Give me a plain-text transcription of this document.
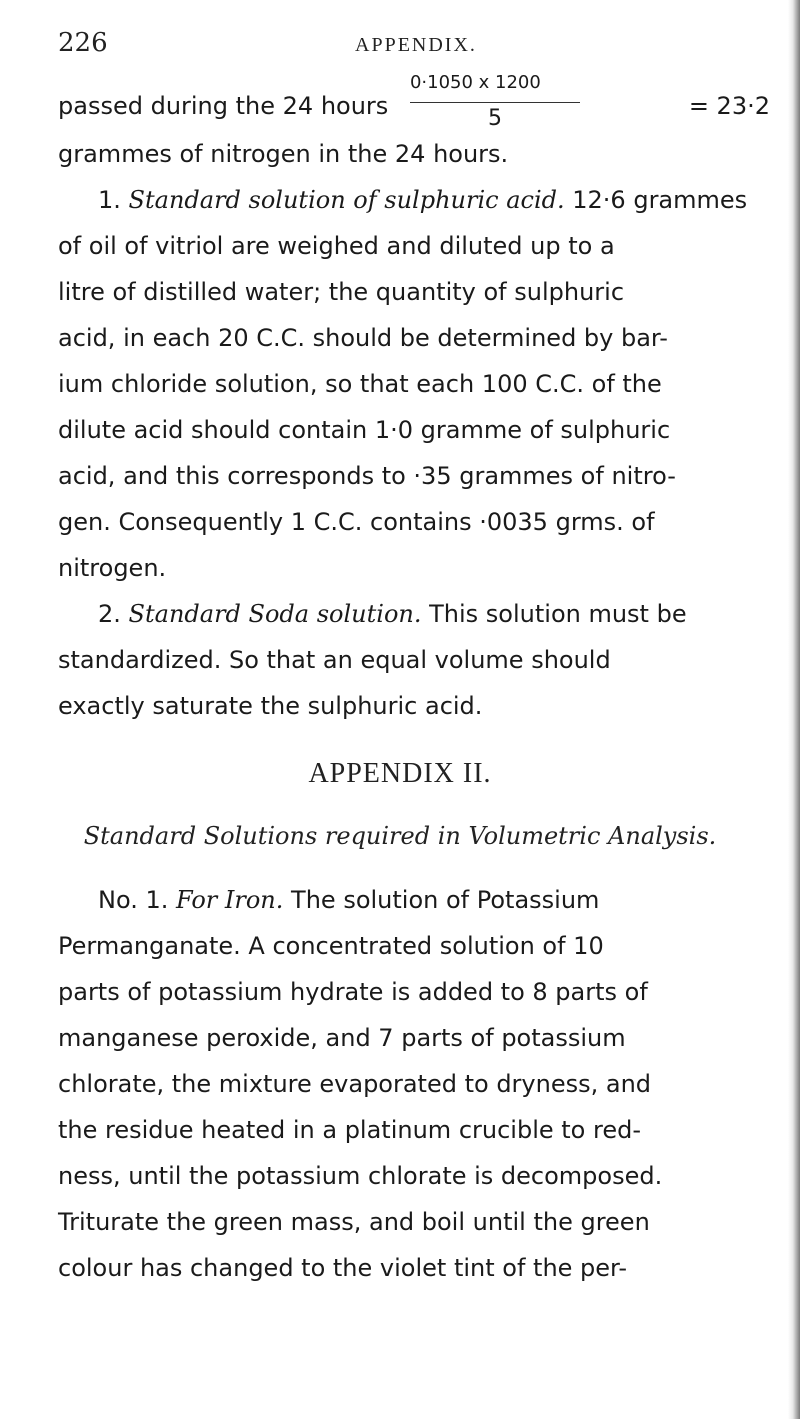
226	APPENDIX.
passed during the 24 hours $\frac{0\cdot 1050 x 1200}{5}$	= 23·2
grammes of nitrogen in the 24 hours.
1. Standard solution of sulphuric acid. 12·6 grammes
of oil of vitriol are weighed and diluted up to a
litre of distilled water; the quantity of sulphuric
acid, in each 20 C.C. should be determined by bar-
ium chloride solution, so that each 100 C.C. of the
dilute acid should contain 1·0 gramme of sulphuric
acid, and this corresponds to ·35 grammes of nitro-
gen. Consequently 1 C.C. contains ·0035 grms. of
nitrogen.
2. Standard Soda solution. This solution must be
standardized. So that an equal volume should
exactly saturate the sulphuric acid.
APPENDIX II.
Standard Solutions required in Volumetric Analysis.
No. 1. For Iron. The solution of Potassium
Permanganate. A concentrated solution of 10
parts of potassium hydrate is added to 8 parts of
manganese peroxide, and 7 parts of potassium
chlorate, the mixture evaporated to dryness, and
the residue heated in a platinum crucible to red-
ness, until the potassium chlorate is decomposed.
Triturate the green mass, and boil until the green
colour has changed to the violet tint of the per-
